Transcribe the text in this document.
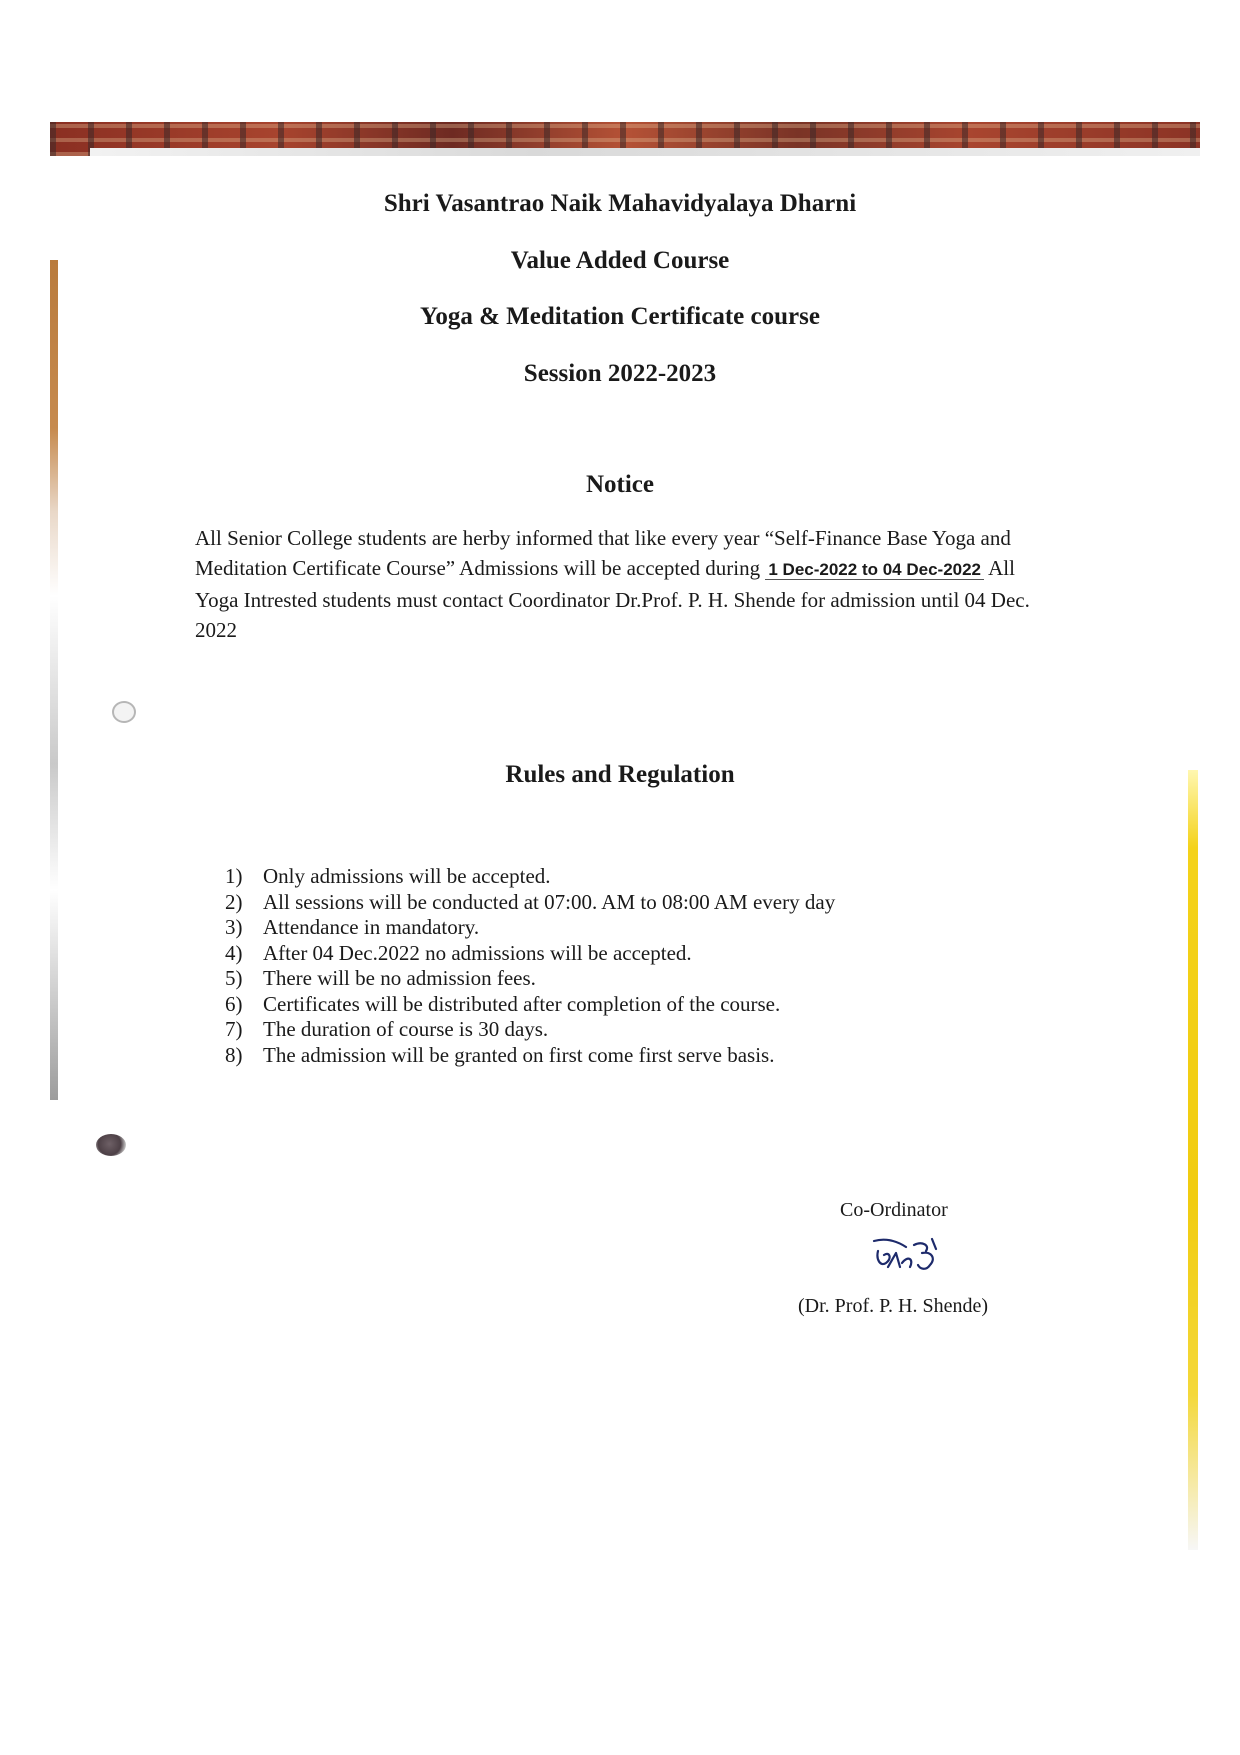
Shri Vasantrao Naik Mahavidyalaya Dharni
Value Added Course
Yoga & Meditation Certificate course
Session 2022-2023
Notice

All Senior College students are herby informed that like every year “Self-Finance Base Yoga and Meditation Certificate Course” Admissions will be accepted during 1 Dec-2022 to 04 Dec-2022 All Yoga Intrested students must contact Coordinator Dr.Prof. P. H. Shende for admission until 04 Dec. 2022

Rules and Regulation
1) Only admissions will be accepted.
2) All sessions will be conducted at 07:00. AM to 08:00 AM every day
3) Attendance in mandatory.
4) After 04 Dec.2022 no admissions will be accepted.
5) There will be no admission fees.
6) Certificates will be distributed after completion of the course.
7) The duration of course is 30 days.
8) The admission will be granted on first come first serve basis.
Co-Ordinator
(Dr. Prof. P. H. Shende)
